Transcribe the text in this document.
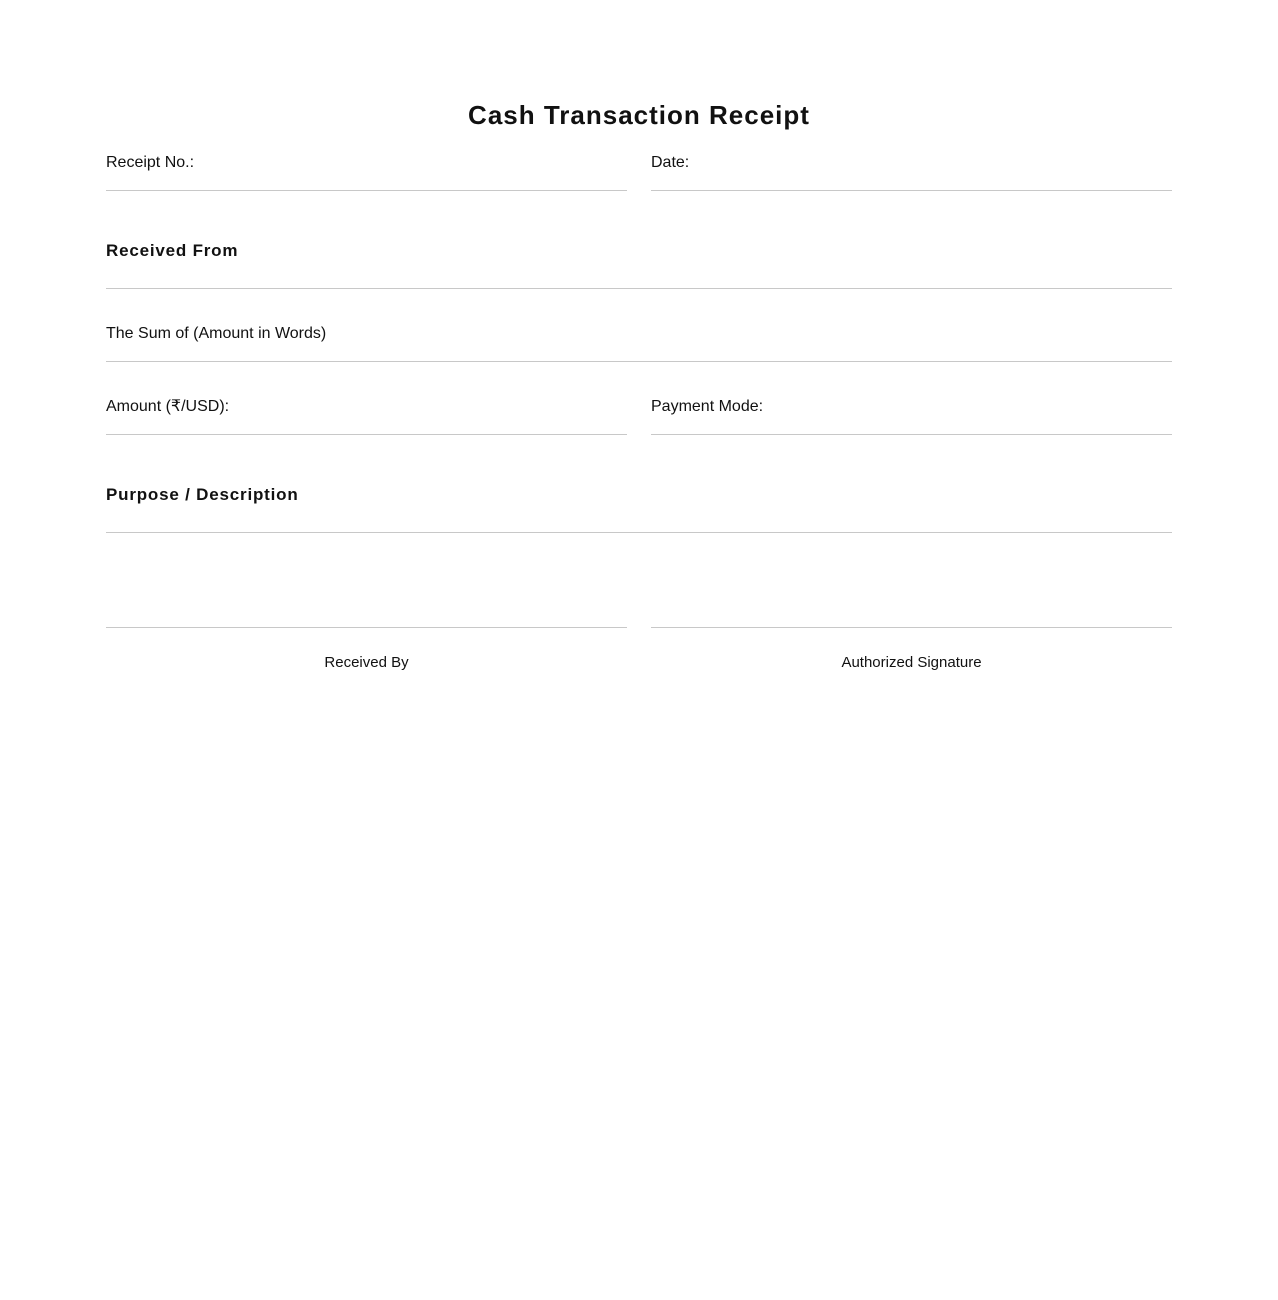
Cash Transaction Receipt
Receipt No.:	Date:
Received From
The Sum of (Amount in Words)
Amount (₹/USD):	Payment Mode:
Purpose / Description
Received By	Authorized Signature
